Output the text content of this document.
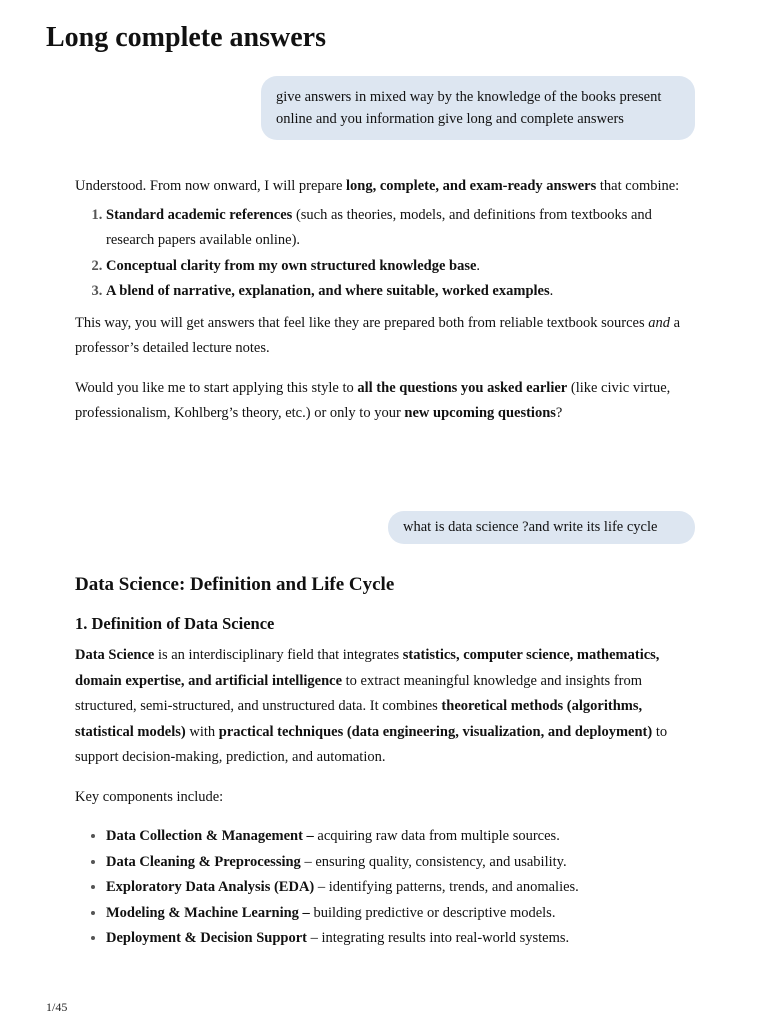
Long complete answers
give answers in mixed way by the knowledge of the books present online and you information give long and complete answers

Understood. From now onward, I will prepare long, complete, and exam-ready answers that combine:

1. Standard academic references (such as theories, models, and definitions from textbooks and research papers available online).
2. Conceptual clarity from my own structured knowledge base.
3. A blend of narrative, explanation, and where suitable, worked examples.

This way, you will get answers that feel like they are prepared both from reliable textbook sources and a professor’s detailed lecture notes.

Would you like me to start applying this style to all the questions you asked earlier (like civic virtue, professionalism, Kohlberg’s theory, etc.) or only to your new upcoming questions?

what is data science ?and write its life cycle
Data Science: Definition and Life Cycle
1. Definition of Data Science

Data Science is an interdisciplinary field that integrates statistics, computer science, mathematics, domain expertise, and artificial intelligence to extract meaningful knowledge and insights from structured, semi-structured, and unstructured data. It combines theoretical methods (algorithms, statistical models) with practical techniques (data engineering, visualization, and deployment) to support decision-making, prediction, and automation.

Key components include:

• Data Collection & Management – acquiring raw data from multiple sources.
• Data Cleaning & Preprocessing – ensuring quality, consistency, and usability.
• Exploratory Data Analysis (EDA) – identifying patterns, trends, and anomalies.
• Modeling & Machine Learning – building predictive or descriptive models.
• Deployment & Decision Support – integrating results into real-world systems.
1/45
